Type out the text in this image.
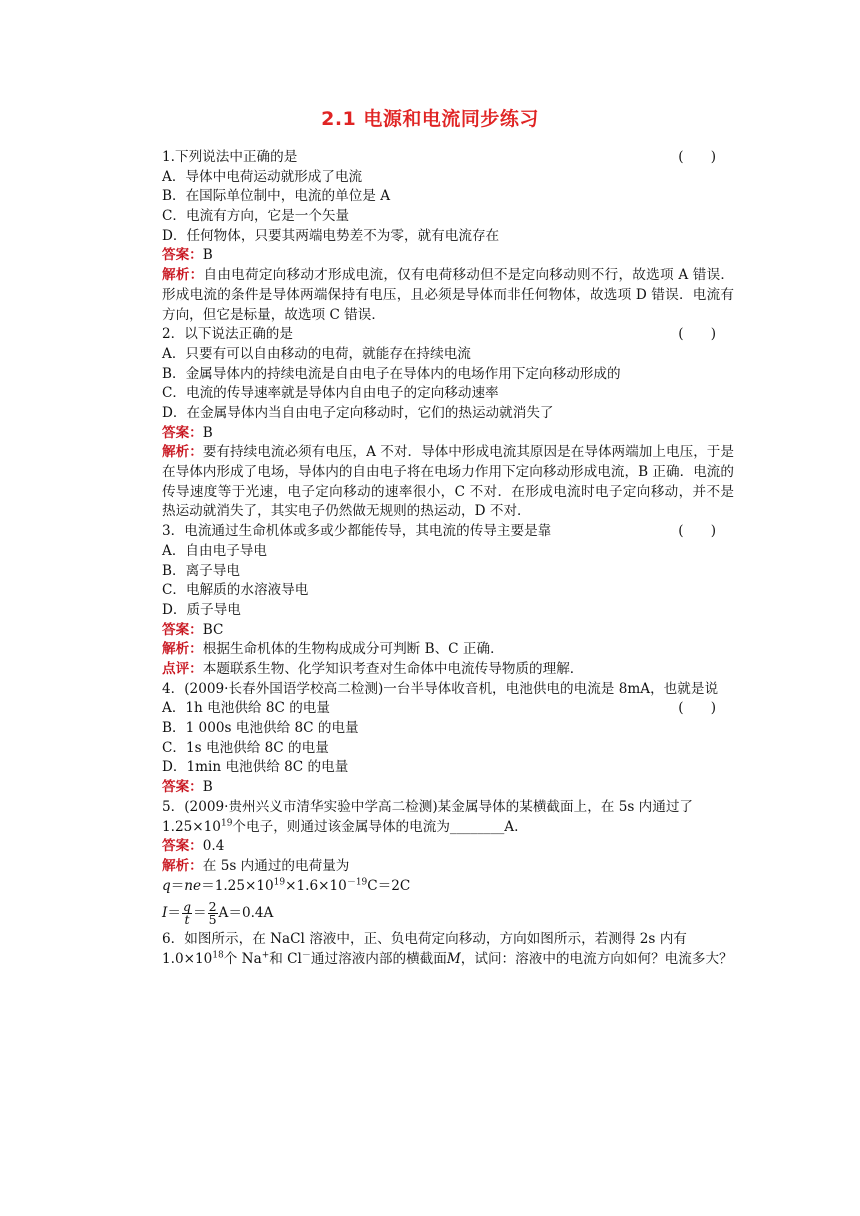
2.1 电源和电流同步练习
1.下列说法中正确的是	(　　)
A．导体中电荷运动就形成了电流
B．在国际单位制中，电流的单位是 A
C．电流有方向，它是一个矢量
D．任何物体，只要其两端电势差不为零，就有电流存在
答案：B
解析：自由电荷定向移动才形成电流，仅有电荷移动但不是定向移动则不行，故选项 A 错误．形成电流的条件是导体两端保持有电压，且必须是导体而非任何物体，故选项 D 错误．电流有方向，但它是标量，故选项 C 错误．
2．以下说法正确的是	(　　)
A．只要有可以自由移动的电荷，就能存在持续电流
B．金属导体内的持续电流是自由电子在导体内的电场作用下定向移动形成的
C．电流的传导速率就是导体内自由电子的定向移动速率
D．在金属导体内当自由电子定向移动时，它们的热运动就消失了
答案：B
解析：要有持续电流必须有电压，A 不对．导体中形成电流其原因是在导体两端加上电压，于是在导体内形成了电场，导体内的自由电子将在电场力作用下定向移动形成电流，B 正确．电流的传导速度等于光速，电子定向移动的速率很小，C 不对．在形成电流时电子定向移动，并不是热运动就消失了，其实电子仍然做无规则的热运动，D 不对．
3．电流通过生命机体或多或少都能传导，其电流的传导主要是靠	(　　)
A．自由电子导电
B．离子导电
C．电解质的水溶液导电
D．质子导电
答案：BC
解析：根据生命机体的生物构成成分可判断 B、C 正确．
点评：本题联系生物、化学知识考查对生命体中电流传导物质的理解．
4．(2009·长春外国语学校高二检测)一台半导体收音机，电池供电的电流是 8mA，也就是说
(　　)
A．1h 电池供给 8C 的电量
B．1 000s 电池供给 8C 的电量
C．1s 电池供给 8C 的电量
D．1min 电池供给 8C 的电量
答案：B
5．(2009·贵州兴义市清华实验中学高二检测)某金属导体的某横截面上，在 5s 内通过了
$1.25\times 10^{19}$个电子，则通过该金属导体的电流为________A.
答案：0.4
解析：在 5s 内通过的电荷量为
$q=ne=1.25\times 10^{19}\times 1.6\times 10^{-19}C=2C$
$I= \frac{q}{t} = \frac{2}{5} A=0.4A$
6．如图所示，在 NaCl 溶液中，正、负电荷定向移动，方向如图所示，若测得 2s 内有
$1.0\times 10^{18}$个 Na+和 Cl－通过溶液内部的横截面M，试问：溶液中的电流方向如何？电流多大？
